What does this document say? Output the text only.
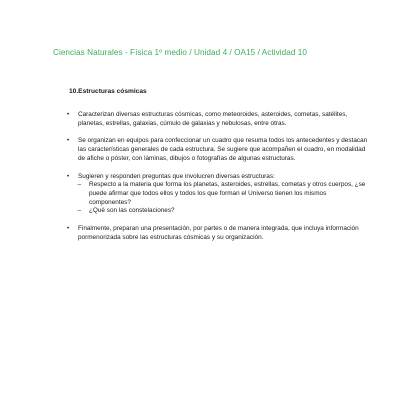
Ciencias Naturales - Física 1º medio / Unidad 4 / OA15 / Actividad 10
10.Estructuras cósmicas
• Caracterizan diversas estructuras cósmicas, como meteoroides, asteroides, cometas, satélites, planetas, estrellas, galaxias, cúmulo de galaxias y nebulosas, entre otras.
• Se organizan en equipos para confeccionar un cuadro que resuma todos los antecedentes y destacan las características generales de cada estructura. Se sugiere que acompañen el cuadro, en modalidad de afiche o póster, con láminas, dibujos o fotografías de algunas estructuras.
• Sugieren y responden preguntas que involucren diversas estructuras:
– Respecto a la materia que forma los planetas, asteroides, estrellas, cometas y otros cuerpos, ¿se puede afirmar que todos ellos y todos los que forman el Universo tienen los mismos componentes?
– ¿Qué son las constelaciones?
• Finalmente, preparan una presentación, por partes o de manera integrada, que incluya información pormenorizada sobre las estructuras cósmicas y su organización.
